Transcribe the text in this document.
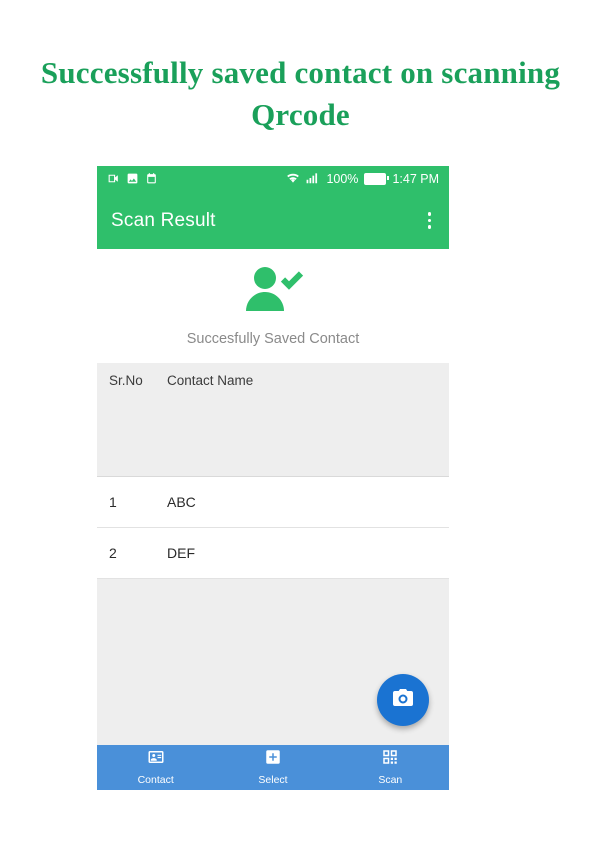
Successfully saved contact on scanning Qrcode
100%	1:47 PM
Scan Result
Succesfully Saved Contact
Sr.No	Contact Name
1	ABC
2	DEF
Contact	Select	Scan
